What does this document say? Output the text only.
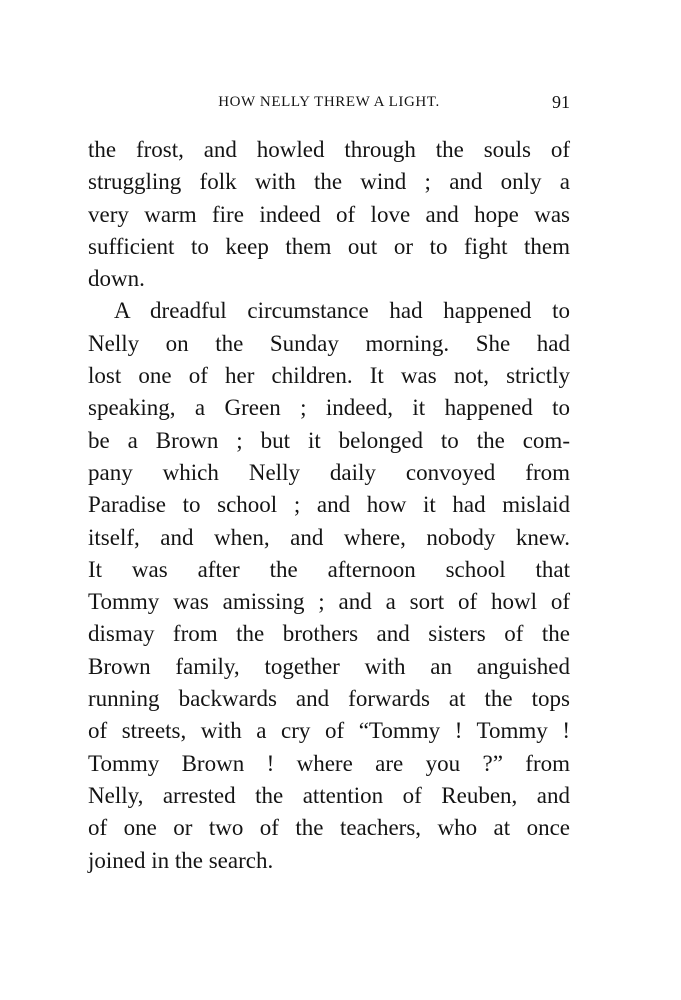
HOW NELLY THREW A LIGHT.	91
the frost, and howled through the souls of
struggling folk with the wind ; and only a
very warm fire indeed of love and hope was
sufficient to keep them out or to fight them
down.
A dreadful circumstance had happened to
Nelly on the Sunday morning. She had
lost one of her children. It was not, strictly
speaking, a Green ; indeed, it happened to
be a Brown ; but it belonged to the com-
pany which Nelly daily convoyed from
Paradise to school ; and how it had mislaid
itself, and when, and where, nobody knew.
It was after the afternoon school that
Tommy was amissing ; and a sort of howl of
dismay from the brothers and sisters of the
Brown family, together with an anguished
running backwards and forwards at the tops
of streets, with a cry of “Tommy ! Tommy !
Tommy Brown ! where are you ?” from
Nelly, arrested the attention of Reuben, and
of one or two of the teachers, who at once
joined in the search.
